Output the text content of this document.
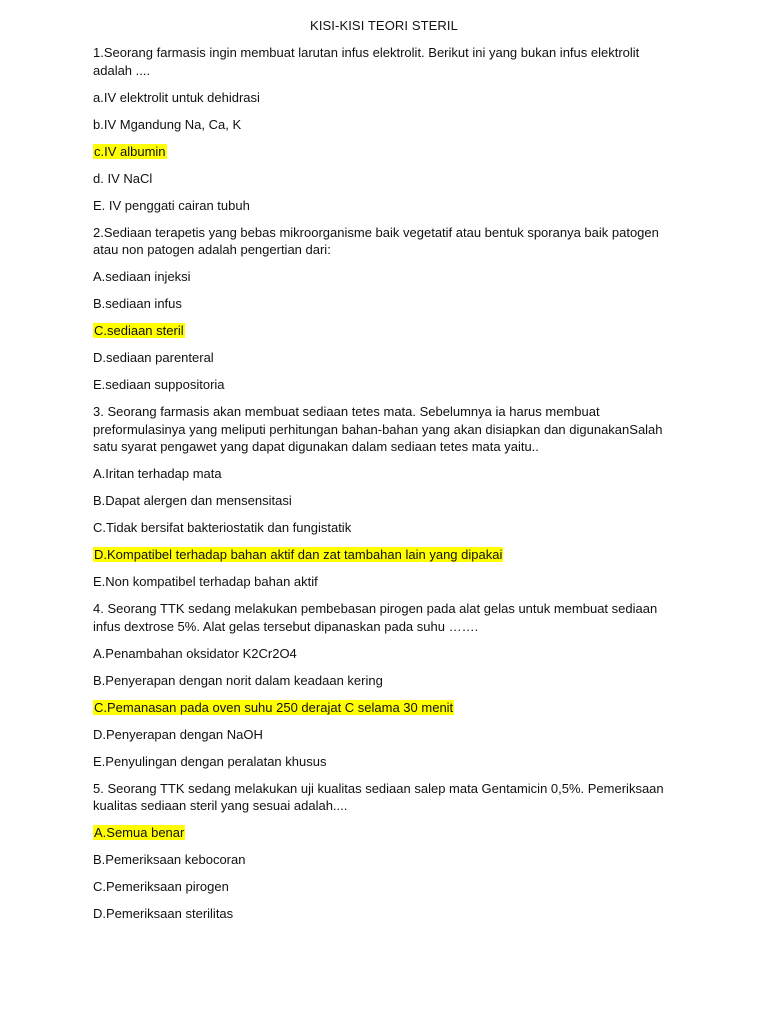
KISI-KISI TEORI STERIL

1.Seorang farmasis ingin membuat larutan infus elektrolit. Berikut ini yang bukan infus elektrolit adalah ....

a.IV elektrolit untuk dehidrasi

b.IV Mgandung Na, Ca, K

c.IV albumin

d. IV NaCl

E. IV penggati cairan tubuh

2.Sediaan terapetis yang bebas mikroorganisme baik vegetatif atau bentuk sporanya baik patogen atau non patogen adalah pengertian dari:

A.sediaan injeksi

B.sediaan infus

C.sediaan steril

D.sediaan parenteral

E.sediaan suppositoria

3. Seorang farmasis akan membuat sediaan tetes mata. Sebelumnya ia harus membuat preformulasinya yang meliputi perhitungan bahan-bahan yang akan disiapkan dan digunakanSalah satu syarat pengawet yang dapat digunakan dalam sediaan tetes mata yaitu..

A.Iritan terhadap mata

B.Dapat alergen dan mensensitasi

C.Tidak bersifat bakteriostatik dan fungistatik

D.Kompatibel terhadap bahan aktif dan zat tambahan lain yang dipakai

E.Non kompatibel terhadap bahan aktif

4. Seorang TTK sedang melakukan pembebasan pirogen pada alat gelas untuk membuat sediaan infus dextrose 5%. Alat gelas tersebut dipanaskan pada suhu …….

A.Penambahan oksidator K2Cr2O4

B.Penyerapan dengan norit dalam keadaan kering

C.Pemanasan pada oven suhu 250 derajat C selama 30 menit

D.Penyerapan dengan NaOH

E.Penyulingan dengan peralatan khusus

5. Seorang TTK sedang melakukan uji kualitas sediaan salep mata Gentamicin 0,5%. Pemeriksaan kualitas sediaan steril yang sesuai adalah....

A.Semua benar

B.Pemeriksaan kebocoran

C.Pemeriksaan pirogen

D.Pemeriksaan sterilitas
